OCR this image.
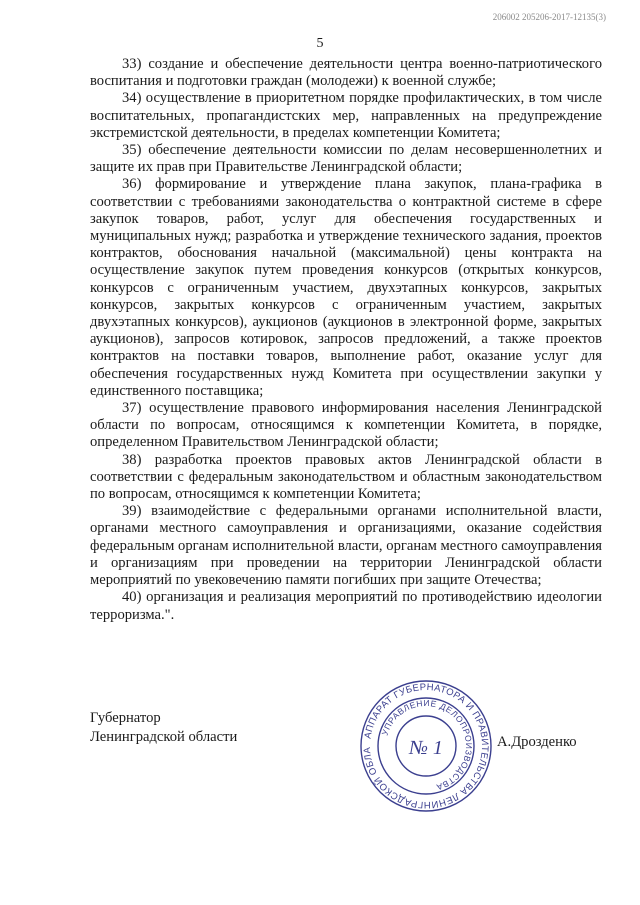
206002 205206-2017-12135(3)
5

33) создание и обеспечение деятельности центра военно-патриотического воспитания и подготовки граждан (молодежи) к военной службе;

34) осуществление в приоритетном порядке профилактических, в том числе воспитательных, пропагандистских мер, направленных на предупреждение экстремистской деятельности, в пределах компетенции Комитета;

35) обеспечение деятельности комиссии по делам несовершеннолетних и защите их прав при Правительстве Ленинградской области;

36) формирование и утверждение плана закупок, плана-графика в соответствии с требованиями законодательства о контрактной системе в сфере закупок товаров, работ, услуг для обеспечения государственных и муниципальных нужд; разработка и утверждение технического задания, проектов контрактов, обоснования начальной (максимальной) цены контракта на осуществление закупок путем проведения конкурсов (открытых конкурсов, конкурсов с ограниченным участием, двухэтапных конкурсов, закрытых конкурсов, закрытых конкурсов с ограниченным участием, закрытых двухэтапных конкурсов), аукционов (аукционов в электронной форме, закрытых аукционов), запросов котировок, запросов предложений, а также проектов контрактов на поставки товаров, выполнение работ, оказание услуг для обеспечения государственных нужд Комитета при осуществлении закупки у единственного поставщика;

37) осуществление правового информирования населения Ленинградской области по вопросам, относящимся к компетенции Комитета, в порядке, определенном Правительством Ленинградской области;

38) разработка проектов правовых актов Ленинградской области в соответствии с федеральным законодательством и областным законодательством по вопросам, относящимся к компетенции Комитета;

39) взаимодействие с федеральными органами исполнительной власти, органами местного самоуправления и организациями, оказание содействия федеральным органам исполнительной власти, органам местного самоуправления и организациям при проведении на территории Ленинградской области мероприятий по увековечению памяти погибших при защите Отечества;

40) организация и реализация мероприятий по противодействию идеологии терроризма.".

Губернатор
Ленинградской области	АППАРАТ ГУБЕРНАТОРА И ПРАВИТЕЛЬСТВА ЛЕНИНГРАДСКОЙ ОБЛА
УПРАВЛЕНИЕ ДЕЛОПРОИЗВОДСТВА
№ 1	А.Дрозденко
